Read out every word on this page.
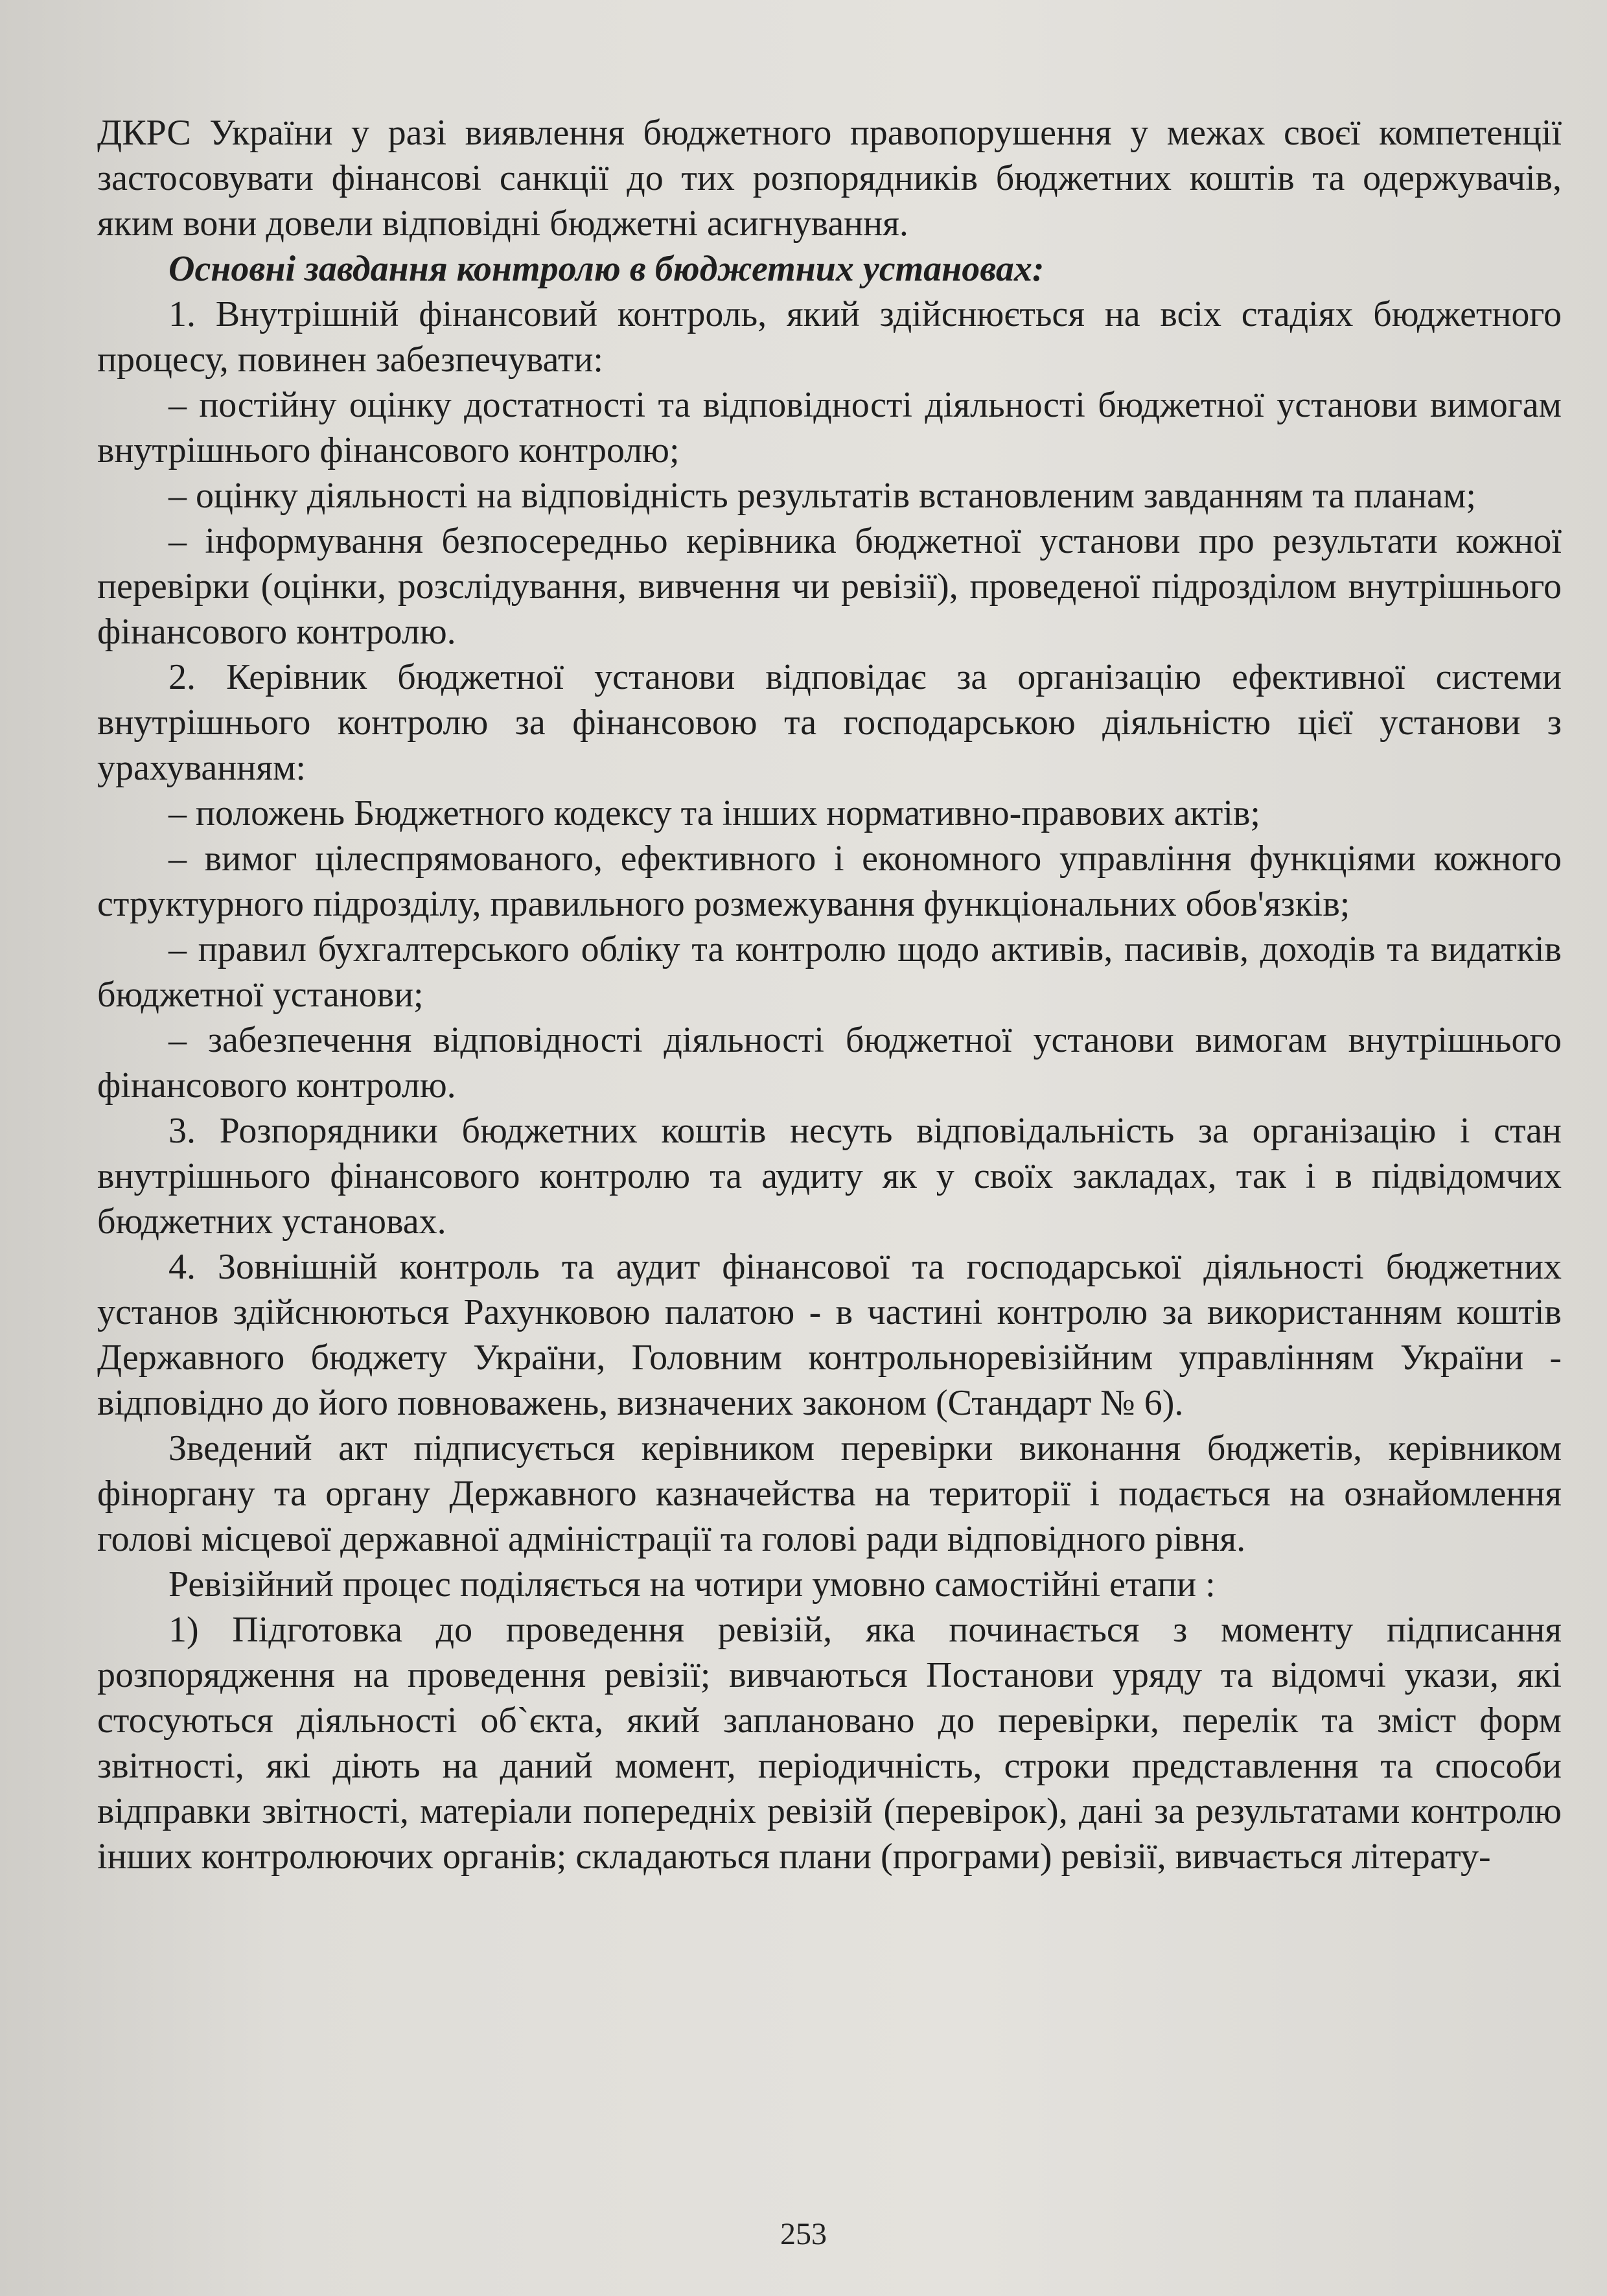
ДКРС України у разі виявлення бюджетного правопорушення у межах своєї компетенції застосовувати фінансові санкції до тих розпорядників бюджетних коштів та одержувачів, яким вони довели відповідні бюджетні асигнування.

Основні завдання контролю в бюджетних установах:

1. Внутрішній фінансовий контроль, який здійснюється на всіх стадіях бюджетного процесу, повинен забезпечувати:

– постійну оцінку достатності та відповідності діяльності бюджетної установи вимогам внутрішнього фінансового контролю;

– оцінку діяльності на відповідність результатів встановленим завданням та планам;

– інформування безпосередньо керівника бюджетної установи про результати кожної перевірки (оцінки, розслідування, вивчення чи ревізії), проведеної підрозділом внутрішнього фінансового контролю.

2. Керівник бюджетної установи відповідає за організацію ефективної системи внутрішнього контролю за фінансовою та господарською діяльністю цієї установи з урахуванням:

– положень Бюджетного кодексу та інших нормативно-правових актів;

– вимог цілеспрямованого, ефективного і економного управління функціями кожного структурного підрозділу, правильного розмежування функціональних обов'язків;

– правил бухгалтерського обліку та контролю щодо активів, пасивів, доходів та видатків бюджетної установи;

– забезпечення відповідності діяльності бюджетної установи вимогам внутрішнього фінансового контролю.

3. Розпорядники бюджетних коштів несуть відповідальність за організацію і стан внутрішнього фінансового контролю та аудиту як у своїх закладах, так і в підвідомчих бюджетних установах.

4. Зовнішній контроль та аудит фінансової та господарської діяльності бюджетних установ здійснюються Рахунковою палатою - в частині контролю за використанням коштів Державного бюджету України, Головним контрольноревізійним управлінням України - відповідно до його повноважень, визначених законом (Стандарт № 6).

Зведений акт підписується керівником перевірки виконання бюджетів, керівником фіноргану та органу Державного казначейства на території і подається на ознайомлення голові місцевої державної адміністрації та голові ради відповідного рівня.

Ревізійний процес поділяється на чотири умовно самостійні етапи :

1) Підготовка до проведення ревізій, яка починається з моменту підписання розпорядження на проведення ревізії; вивчаються Постанови уряду та відомчі укази, які стосуються діяльності об`єкта, який заплановано до перевірки, перелік та зміст форм звітності, які діють на даний момент, періодичність, строки представлення та способи відправки звітності, матеріали попередніх ревізій (перевірок), дані за результатами контролю інших контролюючих органів; складаються плани (програми) ревізії, вивчається літерату-

253
